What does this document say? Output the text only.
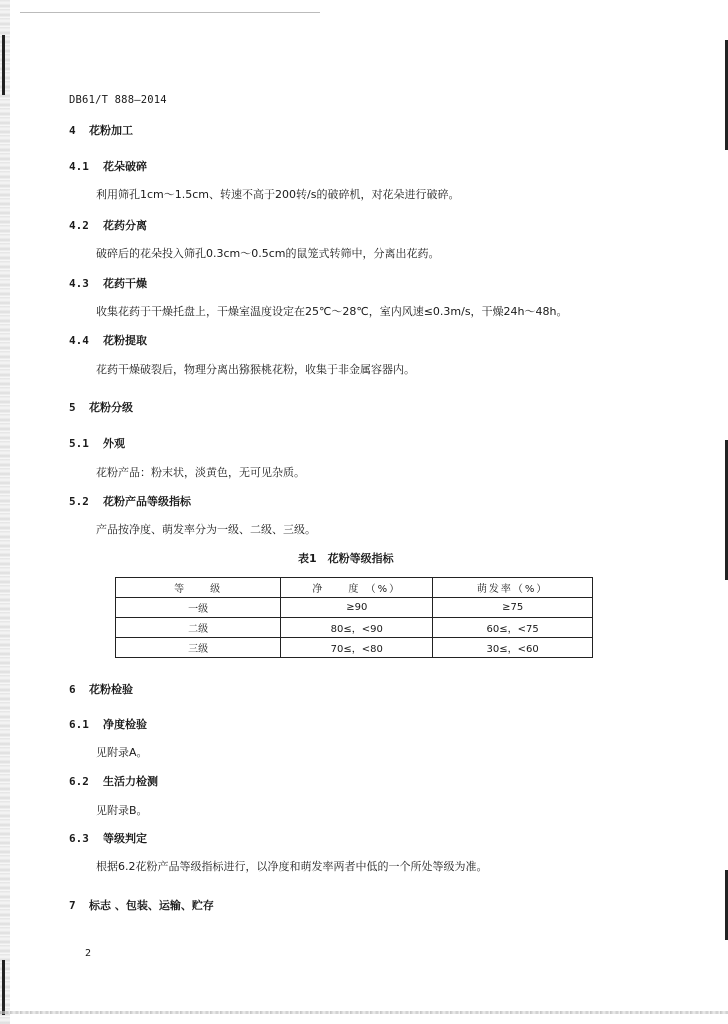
DB61/T 888—2014
4 花粉加工
4.1 花朵破碎
利用筛孔1cm～1.5cm、转速不高于200转/s的破碎机，对花朵进行破碎。
4.2 花药分离
破碎后的花朵投入筛孔0.3cm～0.5cm的鼠笼式转筛中，分离出花药。
4.3 花药干燥
收集花药于干燥托盘上，干燥室温度设定在25℃～28℃，室内风速≤0.3m/s，干燥24h～48h。
4.4 花粉提取
花药干燥破裂后，物理分离出猕猴桃花粉，收集于非金属容器内。
5 花粉分级
5.1 外观
花粉产品：粉末状，淡黄色，无可见杂质。
5.2 花粉产品等级指标
产品按净度、萌发率分为一级、二级、三级。
表1　花粉等级指标
等　　级	净　　度 （%）	萌发率（%）
一级	≥90	≥75
二级	80≤，<90	60≤，<75
三级	70≤，<80	30≤，<60
6 花粉检验
6.1 净度检验
见附录A。
6.2 生活力检测
见附录B。
6.3 等级判定
根据6.2花粉产品等级指标进行，以净度和萌发率两者中低的一个所处等级为准。
7 标志 、包装、运输、贮存
2
